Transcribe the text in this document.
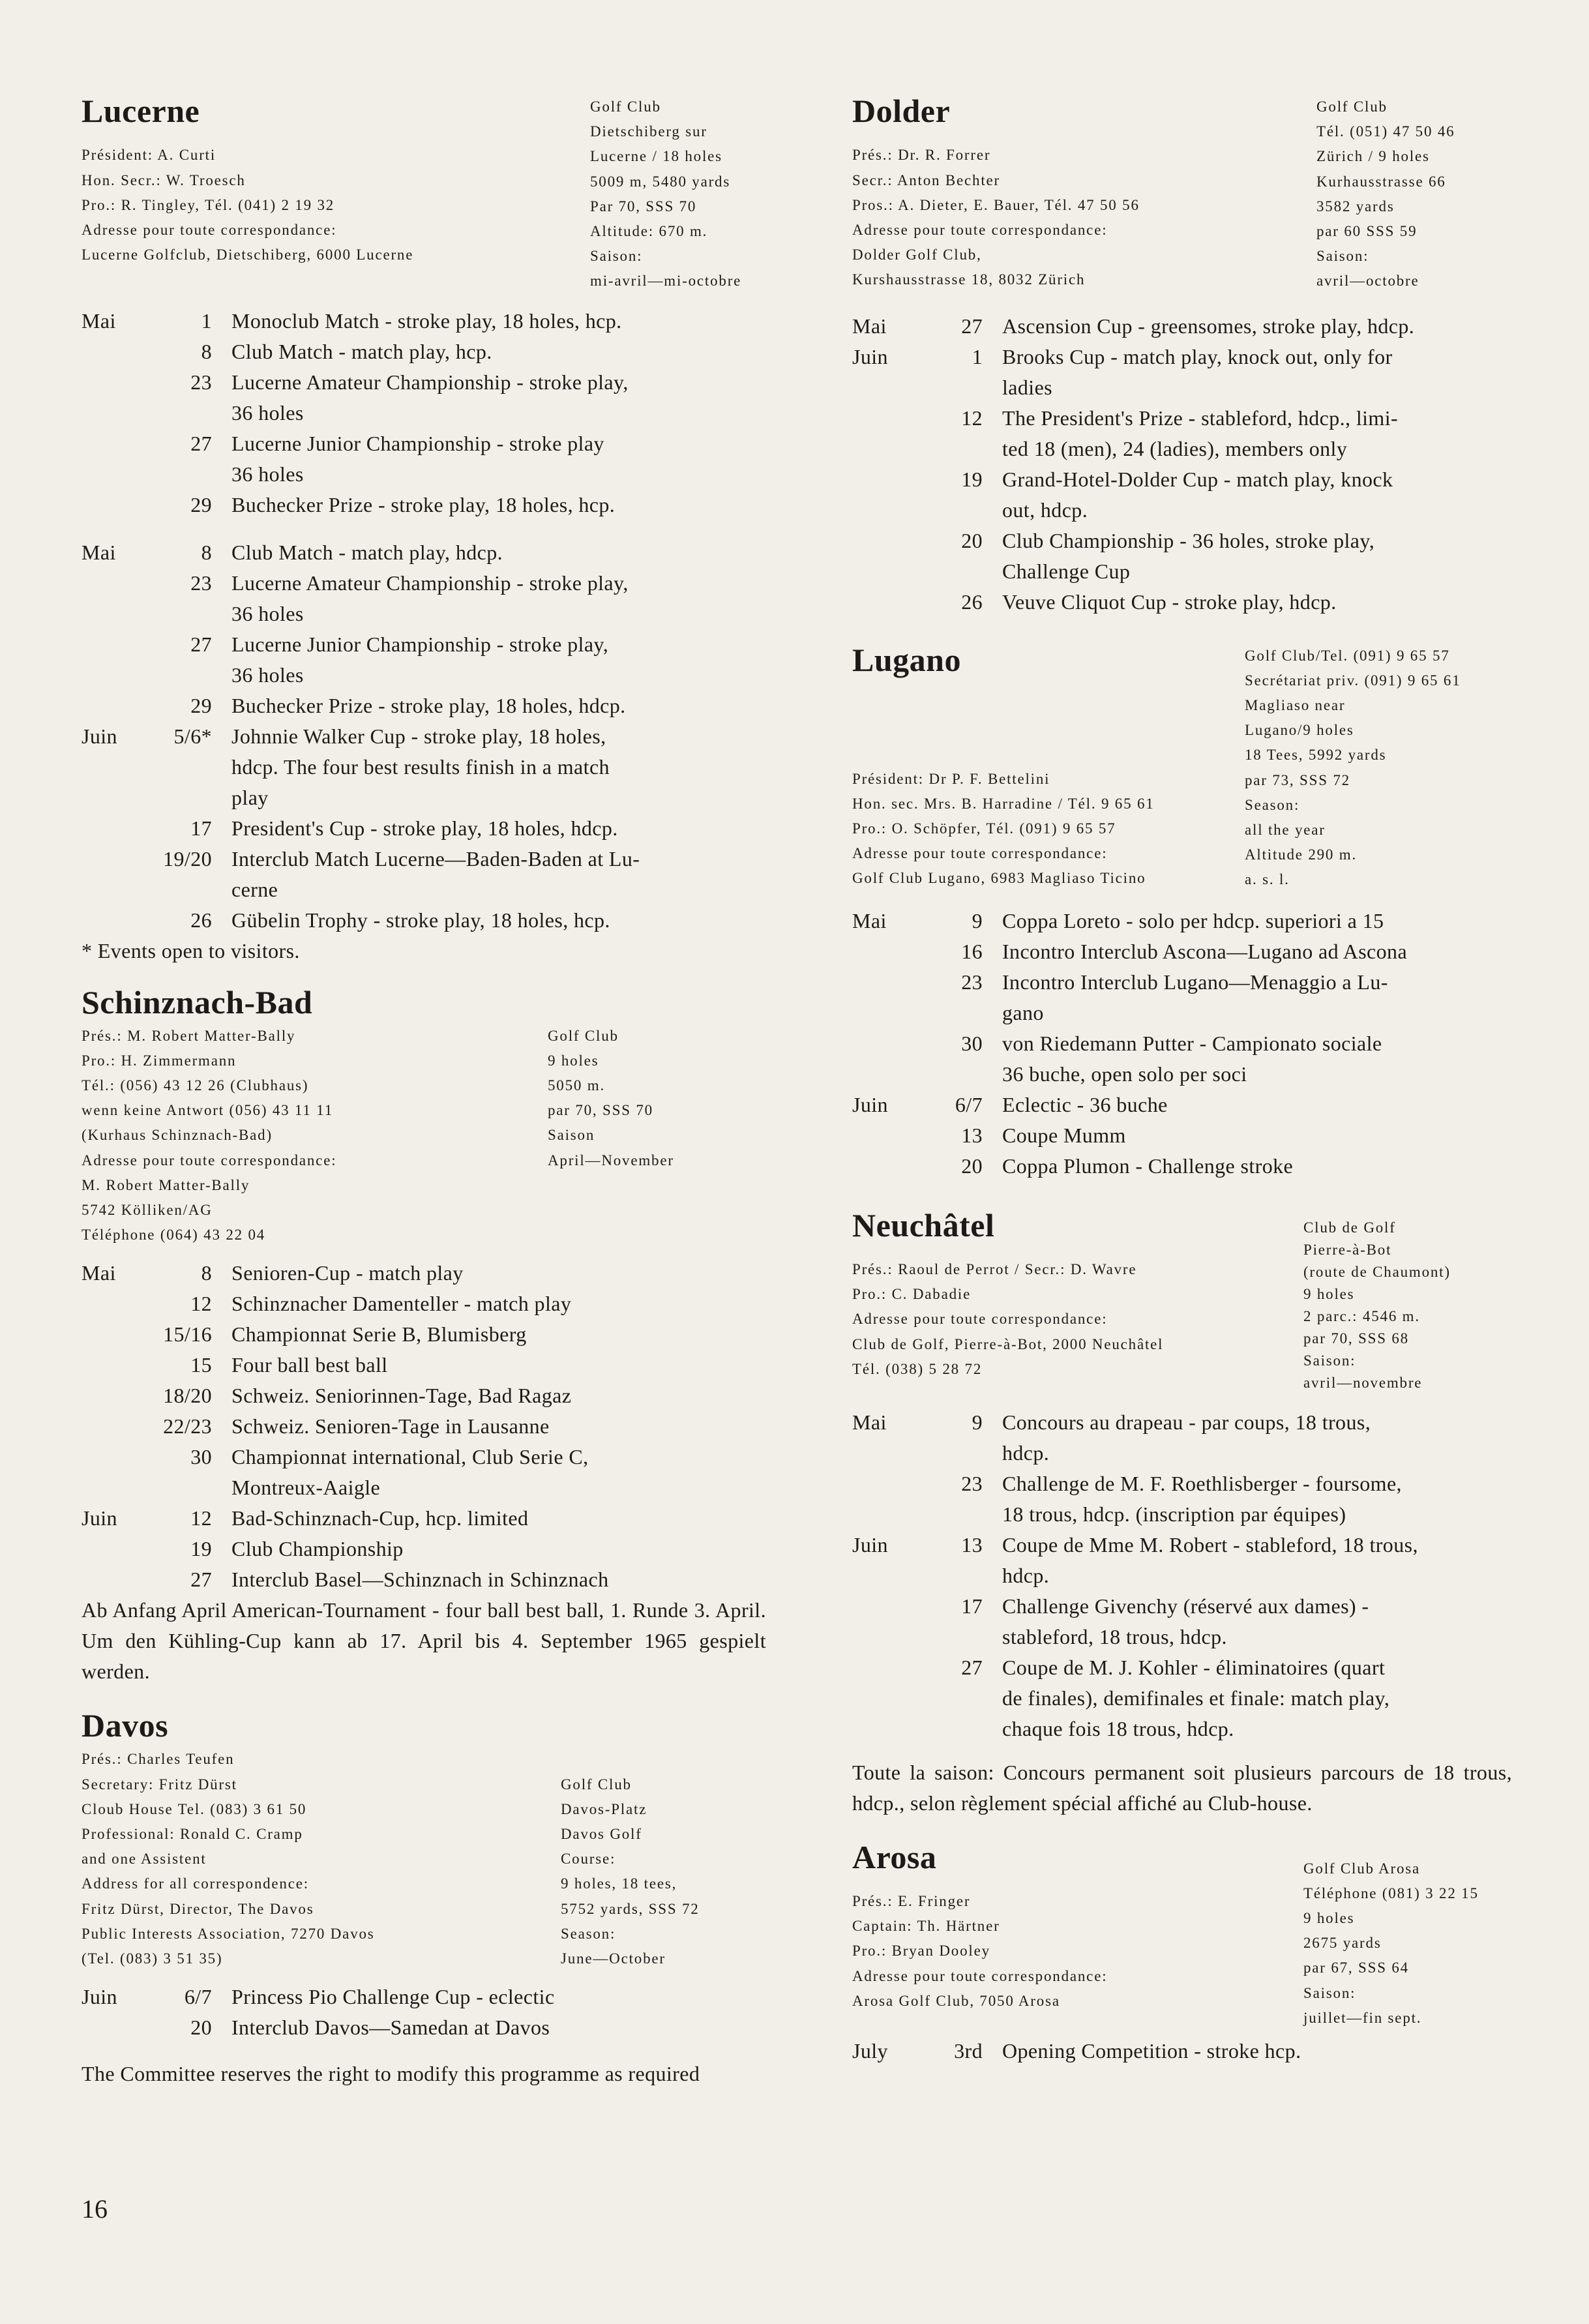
Lucerne

Président: A. Curti
Hon. Secr.: W. Troesch
Pro.: R. Tingley, Tél. (041) 2 19 32
Adresse pour toute correspondance:
Lucerne Golfclub, Dietschiberg, 6000 Lucerne
Golf Club
Dietschiberg sur
Lucerne / 18 holes
5009 m, 5480 yards
Par 70, SSS 70
Altitude: 670 m.
Saison:
mi-avril—mi-octobre
Mai	1 Monoclub Match - stroke play, 18 holes, hcp.
8 Club Match - match play, hcp.
23 Lucerne Amateur Championship - stroke play,
36 holes
27 Lucerne Junior Championship - stroke play
36 holes
29 Buchecker Prize - stroke play, 18 holes, hcp.
Mai	8 Club Match - match play, hdcp.
23 Lucerne Amateur Championship - stroke play,
36 holes
27 Lucerne Junior Championship - stroke play,
36 holes
29 Buchecker Prize - stroke play, 18 holes, hdcp.
Juin	5/6* Johnnie Walker Cup - stroke play, 18 holes,
hdcp. The four best results finish in a match
play
17 President's Cup - stroke play, 18 holes, hdcp.
19/20 Interclub Match Lucerne—Baden-Baden at Lu-
cerne
26 Gübelin Trophy - stroke play, 18 holes, hcp.

* Events open to visitors.

Schinznach-Bad
Prés.: M. Robert Matter-Bally
Pro.: H. Zimmermann
Tél.: (056) 43 12 26 (Clubhaus)
wenn keine Antwort (056) 43 11 11
(Kurhaus Schinznach-Bad)
Adresse pour toute correspondance:
M. Robert Matter-Bally
5742 Kölliken/AG
Téléphone (064) 43 22 04
Golf Club
9 holes
5050 m.
par 70, SSS 70
Saison
April—November
Mai	8 Senioren-Cup - match play
12 Schinznacher Damenteller - match play
15/16 Championnat Serie B, Blumisberg
15 Four ball best ball
18/20 Schweiz. Seniorinnen-Tage, Bad Ragaz
22/23 Schweiz. Senioren-Tage in Lausanne
30 Championnat international, Club Serie C,
Montreux-Aaigle
Juin	12 Bad-Schinznach-Cup, hcp. limited
19 Club Championship
27 Interclub Basel—Schinznach in Schinznach

Ab Anfang April American-Tournament - four ball best ball, 1. Runde 3. April. Um den Kühling-Cup kann ab 17. April bis 4. September 1965 gespielt werden.

Davos
Prés.: Charles Teufen
Secretary: Fritz Dürst
Cloub House Tel. (083) 3 61 50
Professional: Ronald C. Cramp
and one Assistent
Address for all correspondence:
Fritz Dürst, Director, The Davos
Public Interests Association, 7270 Davos
(Tel. (083) 3 51 35)

Golf Club
Davos-Platz
Davos Golf
Course:
9 holes, 18 tees,
5752 yards, SSS 72
Season:
June—October
Juin	6/7 Princess Pio Challenge Cup - eclectic
20 Interclub Davos—Samedan at Davos

The Committee reserves the right to modify this programme as required

Dolder

Prés.: Dr. R. Forrer
Secr.: Anton Bechter
Pros.: A. Dieter, E. Bauer, Tél. 47 50 56
Adresse pour toute correspondance:
Dolder Golf Club,
Kurshausstrasse 18, 8032 Zürich
Golf Club
Tél. (051) 47 50 46
Zürich / 9 holes
Kurhausstrasse 66
3582 yards
par 60 SSS 59
Saison:
avril—octobre
Mai	27 Ascension Cup - greensomes, stroke play, hdcp.
Juin	1 Brooks Cup - match play, knock out, only for
ladies
12 The President's Prize - stableford, hdcp., limi-
ted 18 (men), 24 (ladies), members only
19 Grand-Hotel-Dolder Cup - match play, knock
out, hdcp.
20 Club Championship - 36 holes, stroke play,
Challenge Cup
26 Veuve Cliquot Cup - stroke play, hdcp.
Lugano

Président: Dr P. F. Bettelini
Hon. sec. Mrs. B. Harradine / Tél. 9 65 61
Pro.: O. Schöpfer, Tél. (091) 9 65 57
Adresse pour toute correspondance:
Golf Club Lugano, 6983 Magliaso Ticino
Golf Club/Tel. (091) 9 65 57
Secrétariat priv. (091) 9 65 61
Magliaso near
Lugano/9 holes
18 Tees, 5992 yards
par 73, SSS 72
Season:
all the year
Altitude 290 m.
a. s. l.
Mai	9 Coppa Loreto - solo per hdcp. superiori a 15
16 Incontro Interclub Ascona—Lugano ad Ascona
23 Incontro Interclub Lugano—Menaggio a Lu-
gano
30 von Riedemann Putter - Campionato sociale
36 buche, open solo per soci
Juin	6/7 Eclectic - 36 buche
13 Coupe Mumm
20 Coppa Plumon - Challenge stroke
Neuchâtel

Prés.: Raoul de Perrot / Secr.: D. Wavre
Pro.: C. Dabadie
Adresse pour toute correspondance:
Club de Golf, Pierre-à-Bot, 2000 Neuchâtel
Tél. (038) 5 28 72
Club de Golf
Pierre-à-Bot
(route de Chaumont)
9 holes
2 parc.: 4546 m.
par 70, SSS 68
Saison:
avril—novembre
Mai	9 Concours au drapeau - par coups, 18 trous,
hdcp.
23 Challenge de M. F. Roethlisberger - foursome,
18 trous, hdcp. (inscription par équipes)
Juin	13 Coupe de Mme M. Robert - stableford, 18 trous,
hdcp.
17 Challenge Givenchy (réservé aux dames) -
stableford, 18 trous, hdcp.
27 Coupe de M. J. Kohler - éliminatoires (quart
de finales), demifinales et finale: match play,
chaque fois 18 trous, hdcp.

Toute la saison: Concours permanent soit plusieurs parcours de 18 trous, hdcp., selon règlement spécial affiché au Club-house.

Arosa

Prés.: E. Fringer
Captain: Th. Härtner
Pro.: Bryan Dooley
Adresse pour toute correspondance:
Arosa Golf Club, 7050 Arosa
Golf Club Arosa
Téléphone (081) 3 22 15
9 holes
2675 yards
par 67, SSS 64
Saison:
juillet—fin sept.
July	3rd Opening Competition - stroke hcp.
16
